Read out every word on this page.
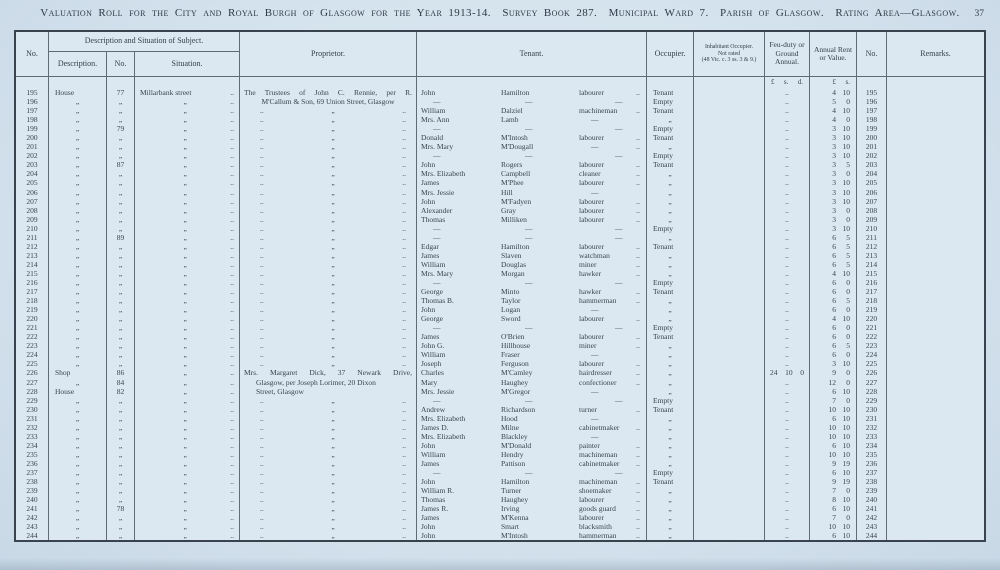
Valuation Roll for the City and Royal Burgh of Glasgow for the Year 1913-14. Survey Book 287. Municipal Ward 7. Parish of Glasgow. Rating Area—Glasgow.	37
No.
Description and Situation of Subject.
Description.	No.	Situation.
Proprietor.	Tenant.	Occupier.
Inhabitant Occupier.
Not rated
(48 Vic. c. 3 ss. 3 & 9.)
Feu-duty or Ground Annual.
Annual Rent or Value.	No.	Remarks.
£ s. d.	£	s.
195	House	77	Millarbank street	..	The Trustees of John C. Rennie, per R.	John	Hamilton	labourer	..	Tenant	..	4 10	195
196	„	„	„	..	M'Callum & Son, 69 Union Street, Glasgow	—	—	—	Empty	..	5	0	196
197	„	„	„	..	..	„	.. William	Dalziel	machineman	..	Tenant	..	4 10	197
198	„	„	„	..	..	„	.. Mrs. Ann	Lamb	—	„	..	4	0	198
199	„	79	„	..	..	„	..	—	—	—	Empty	..	3 10	199
200	„	„	„	..	..	„	.. Donald	M'Intosh	labourer	..	Tenant	..	3 10	200
201	„	„	„	..	..	„	.. Mrs. Mary	M'Dougall	—	..	„	..	3 10	201
202	„	„	„	..	..	„	..	—	—	—	Empty	..	3 10	202
203	„	87	„	..	..	„	.. John	Rogers	labourer	..	Tenant	..	3	5	203
204	„	„	„	..	..	„	.. Mrs. Elizabeth	Campbell	cleaner	..	„	..	3	0	204
205	„	„	„	..	..	„	.. James	M'Phee	labourer	..	„	..	3 10	205
206	„	„	„	..	..	„	.. Mrs. Jessie	Hill	—	„	..	3 10	206
207	„	„	„	..	..	„	.. John	M'Fadyen	labourer	..	„	..	3 10	207
208	„	„	„	..	..	„	.. Alexander	Gray	labourer	..	„	..	3	0	208
209	„	„	„	..	..	„	.. Thomas	Milliken	labourer	..	„	..	3	0	209
210	„	„	„	..	..	„	..	—	—	—	Empty	..	3 10	210
211	„	89	„	..	..	„	..	—	—	—	„	..	6	5	211
212	„	„	„	..	..	„	.. Edgar	Hamilton	labourer	..	Tenant	..	6	5	212
213	„	„	„	..	..	„	.. James	Slaven	watchman	..	„	..	6	5	213
214	„	„	„	..	..	„	.. William	Douglas	miner	..	„	..	6	5	214
215	„	„	„	..	..	„	.. Mrs. Mary	Morgan	hawker	..	„	..	4 10	215
216	„	„	„	..	..	„	..	—	—	—	Empty	..	6	0	216
217	„	„	„	..	..	„	.. George	Minto	hawker	..	Tenant	..	6	0	217
218	„	„	„	..	..	„	.. Thomas B.	Taylor	hammerman	..	„	..	6	5	218
219	„	„	„	..	..	„	.. John	Logan	—	„	..	6	0	219
220	„	„	„	..	..	„	.. George	Sword	labourer	..	„	..	4 10	220
221	„	„	„	..	..	„	..	—	—	—	Empty	..	6	0	221
222	„	„	„	..	..	„	.. James	O'Brien	labourer	..	Tenant	..	6	0	222
223	„	„	„	..	..	„	.. John G.	Hillhouse	miner	..	„	..	6	5	223
224	„	„	„	..	..	„	.. William	Fraser	—	„	..	6	0	224
225	„	„	„	..	..	„	.. Joseph	Ferguson	labourer	..	„	..	3 10	225
226	Shop	86	„	..	Mrs. Margaret Dick, 37 Newark Drive,	Charles	M'Camley	hairdresser	..	„	24 10 0	9	0	226
227	„	84	„	..	Glasgow, per Joseph Lorimer, 20 Dixon	Mary	Haughey	confectioner	..	„	..	12	0	227
228	House	82	„	..	Street, Glasgow	Mrs. Jessie	M'Gregor	—	„	..	6 10	228
229	„	„	„	..	..	„	..	—	—	—	Empty	..	7	0	229
230	„	„	„	..	..	„	.. Andrew	Richardson	turner	..	Tenant	..	10 10	230
231	„	„	„	..	..	„	.. Mrs. Elizabeth	Hood	—	„	..	6 10	231
232	„	„	„	..	..	„	.. James D.	Milne	cabinetmaker	..	„	..	10 10	232
233	„	„	„	..	..	„	.. Mrs. Elizabeth	Blackley	—	„	..	10 10	233
234	„	„	„	..	..	„	.. John	M'Donald	painter	..	„	..	6 10	234
235	„	„	„	..	..	„	.. William	Hendry	machineman	..	„	..	10 10	235
236	„	„	„	..	..	„	.. James	Pattison	cabinetmaker	..	„	..	9 19	236
237	„	„	„	..	..	„	..	—	—	—	Empty	..	6 10	237
238	„	„	„	..	..	„	.. John	Hamilton	machineman	..	Tenant	..	9 19	238
239	„	„	„	..	..	„	.. William R.	Turner	shoemaker	..	„	..	7	0	239
240	„	„	„	..	..	„	.. Thomas	Haughey	labourer	..	„	..	8 10	240
241	„	78	„	..	..	„	.. James R.	Irving	goods guard	..	„	..	6 10	241
242	„	„	„	..	..	„	.. James	M'Kenna	labourer	..	„	..	7	0	242
243	„	„	„	..	..	„	.. John	Smart	blacksmith	..	„	..	10 10	243
244	„	„	„	..	..	„	.. John	M'Intosh	hammerman	..	„	..	6 10	244
